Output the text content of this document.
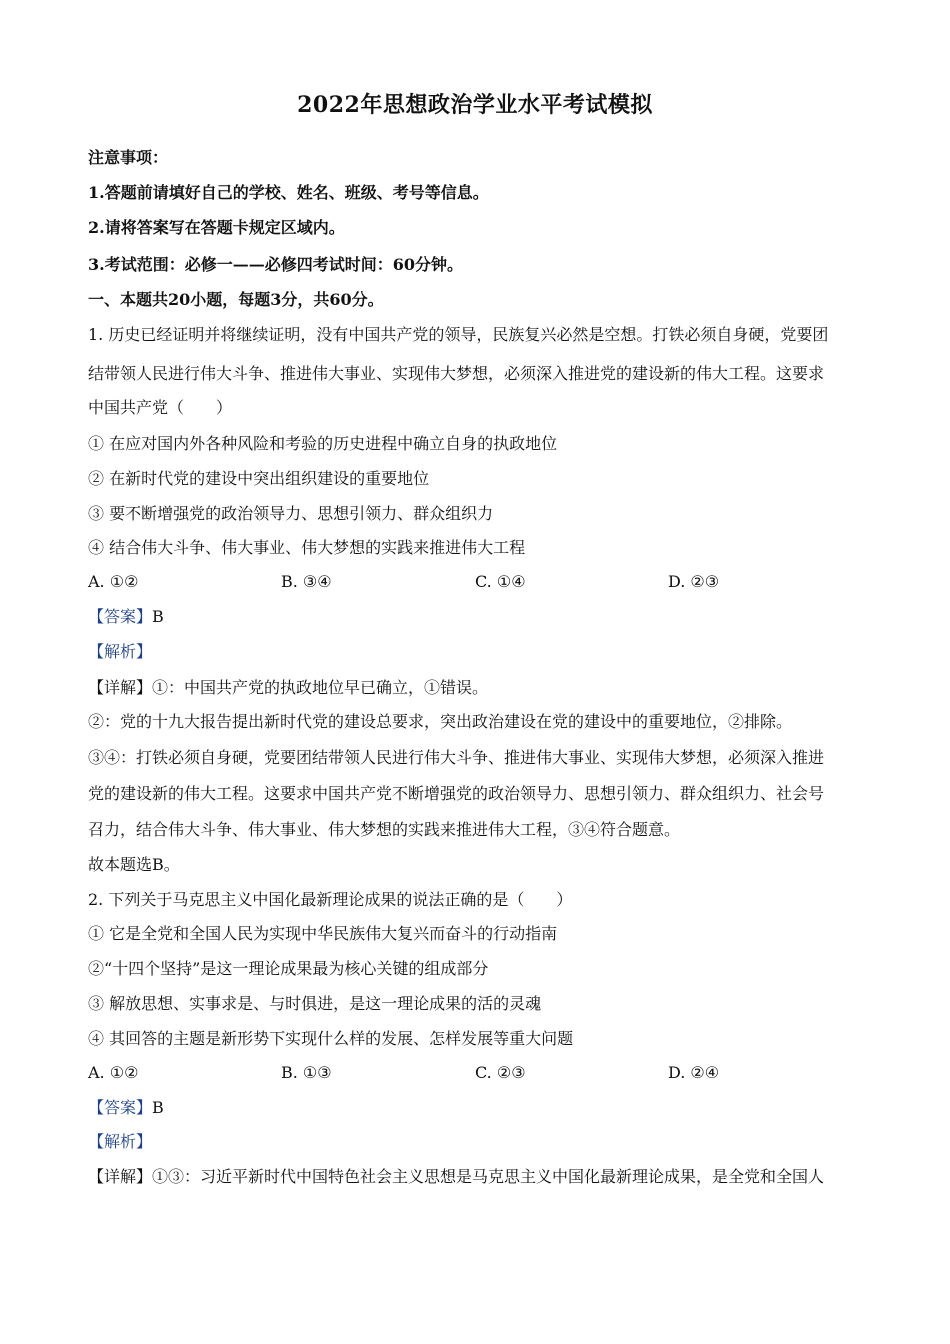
2022年思想政治学业水平考试模拟
注意事项：
1.答题前请填好自己的学校、姓名、班级、考号等信息。
2.请将答案写在答题卡规定区域内。
3.考试范围：必修一——必修四考试时间：60分钟。
一、本题共20小题，每题3分，共60分。
1. 历史已经证明并将继续证明，没有中国共产党的领导，民族复兴必然是空想。打铁必须自身硬，党要团
结带领人民进行伟大斗争、推进伟大事业、实现伟大梦想，必须深入推进党的建设新的伟大工程。这要求
中国共产党（　　）
① 在应对国内外各种风险和考验的历史进程中确立自身的执政地位
② 在新时代党的建设中突出组织建设的重要地位
③ 要不断增强党的政治领导力、思想引领力、群众组织力
④ 结合伟大斗争、伟大事业、伟大梦想的实践来推进伟大工程
A. ①②	B. ③④	C. ①④	D. ②③
【答案】B
【解析】
【详解】①：中国共产党的执政地位早已确立，①错误。
②：党的十九大报告提出新时代党的建设总要求，突出政治建设在党的建设中的重要地位，②排除。
③④：打铁必须自身硬，党要团结带领人民进行伟大斗争、推进伟大事业、实现伟大梦想，必须深入推进
党的建设新的伟大工程。这要求中国共产党不断增强党的政治领导力、思想引领力、群众组织力、社会号
召力，结合伟大斗争、伟大事业、伟大梦想的实践来推进伟大工程，③④符合题意。
故本题选B。
2. 下列关于马克思主义中国化最新理论成果的说法正确的是（　　）
① 它是全党和全国人民为实现中华民族伟大复兴而奋斗的行动指南
②“十四个坚持”是这一理论成果最为核心关键的组成部分
③ 解放思想、实事求是、与时俱进，是这一理论成果的活的灵魂
④ 其回答的主题是新形势下实现什么样的发展、怎样发展等重大问题
A. ①②	B. ①③	C. ②③	D. ②④
【答案】B
【解析】
【详解】①③：习近平新时代中国特色社会主义思想是马克思主义中国化最新理论成果，是全党和全国人
